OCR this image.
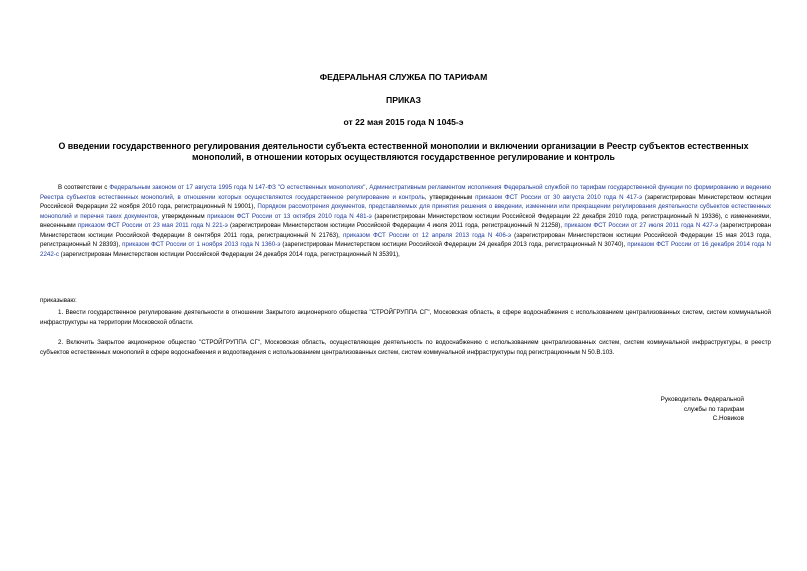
ФЕДЕРАЛЬНАЯ СЛУЖБА ПО ТАРИФАМ
ПРИКАЗ
от 22 мая 2015 года N 1045-э
О введении государственного регулирования деятельности субъекта естественной монополии и включении организации в Реестр субъектов естественных монополий, в отношении которых осуществляются государственное регулирование и контроль

В соответствии с Федеральным законом от 17 августа 1995 года N 147-ФЗ "О естественных монополиях", Административным регламентом исполнения Федеральной службой по тарифам государственной функции по формированию и ведению Реестра субъектов естественных монополий, в отношении которых осуществляются государственное регулирование и контроль, утвержденным приказом ФСТ России от 30 августа 2010 года N 417-э (зарегистрирован Министерством юстиции Российской Федерации 22 ноября 2010 года, регистрационный N 19001), Порядком рассмотрения документов, представляемых для принятия решения о введении, изменении или прекращении регулирования деятельности субъектов естественных монополий и перечня таких документов, утвержденным приказом ФСТ России от 13 октября 2010 года N 481-э (зарегистрирован Министерством юстиции Российской Федерации 22 декабря 2010 года, регистрационный N 19336), с изменениями, внесенными приказом ФСТ России от 23 мая 2011 года N 221-э (зарегистрирован Министерством юстиции Российской Федерации 4 июля 2011 года, регистрационный N 21258), приказом ФСТ России от 27 июля 2011 года N 427-э (зарегистрирован Министерством юстиции Российской Федерации 8 сентября 2011 года, регистрационный N 21763), приказом ФСТ России от 12 апреля 2013 года N 406-э (зарегистрирован Министерством юстиции Российской Федерации 15 мая 2013 года, регистрационный N 28393), приказом ФСТ России от 1 ноября 2013 года N 1360-э (зарегистрирован Министерством юстиции Российской Федерации 24 декабря 2013 года, регистрационный N 30740), приказом ФСТ России от 16 декабря 2014 года N 2242-с (зарегистрирован Министерством юстиции Российской Федерации 24 декабря 2014 года, регистрационный N 35391),

приказываю:

1. Ввести государственное регулирование деятельности в отношении Закрытого акционерного общества "СТРОЙГРУППА СГ", Московская область, в сфере водоснабжения с использованием централизованных систем, систем коммунальной инфраструктуры на территории Московской области.

2. Включить Закрытое акционерное общество "СТРОЙГРУППА СГ", Московская область, осуществляющее деятельность по водоснабжению с использованием централизованных систем, систем коммунальной инфраструктуры, в реестр субъектов естественных монополий в сфере водоснабжения и водоотведения с использованием централизованных систем, систем коммунальной инфраструктуры под регистрационным N 50.В.103.

Руководитель Федеральной
службы по тарифам
С.Новиков
